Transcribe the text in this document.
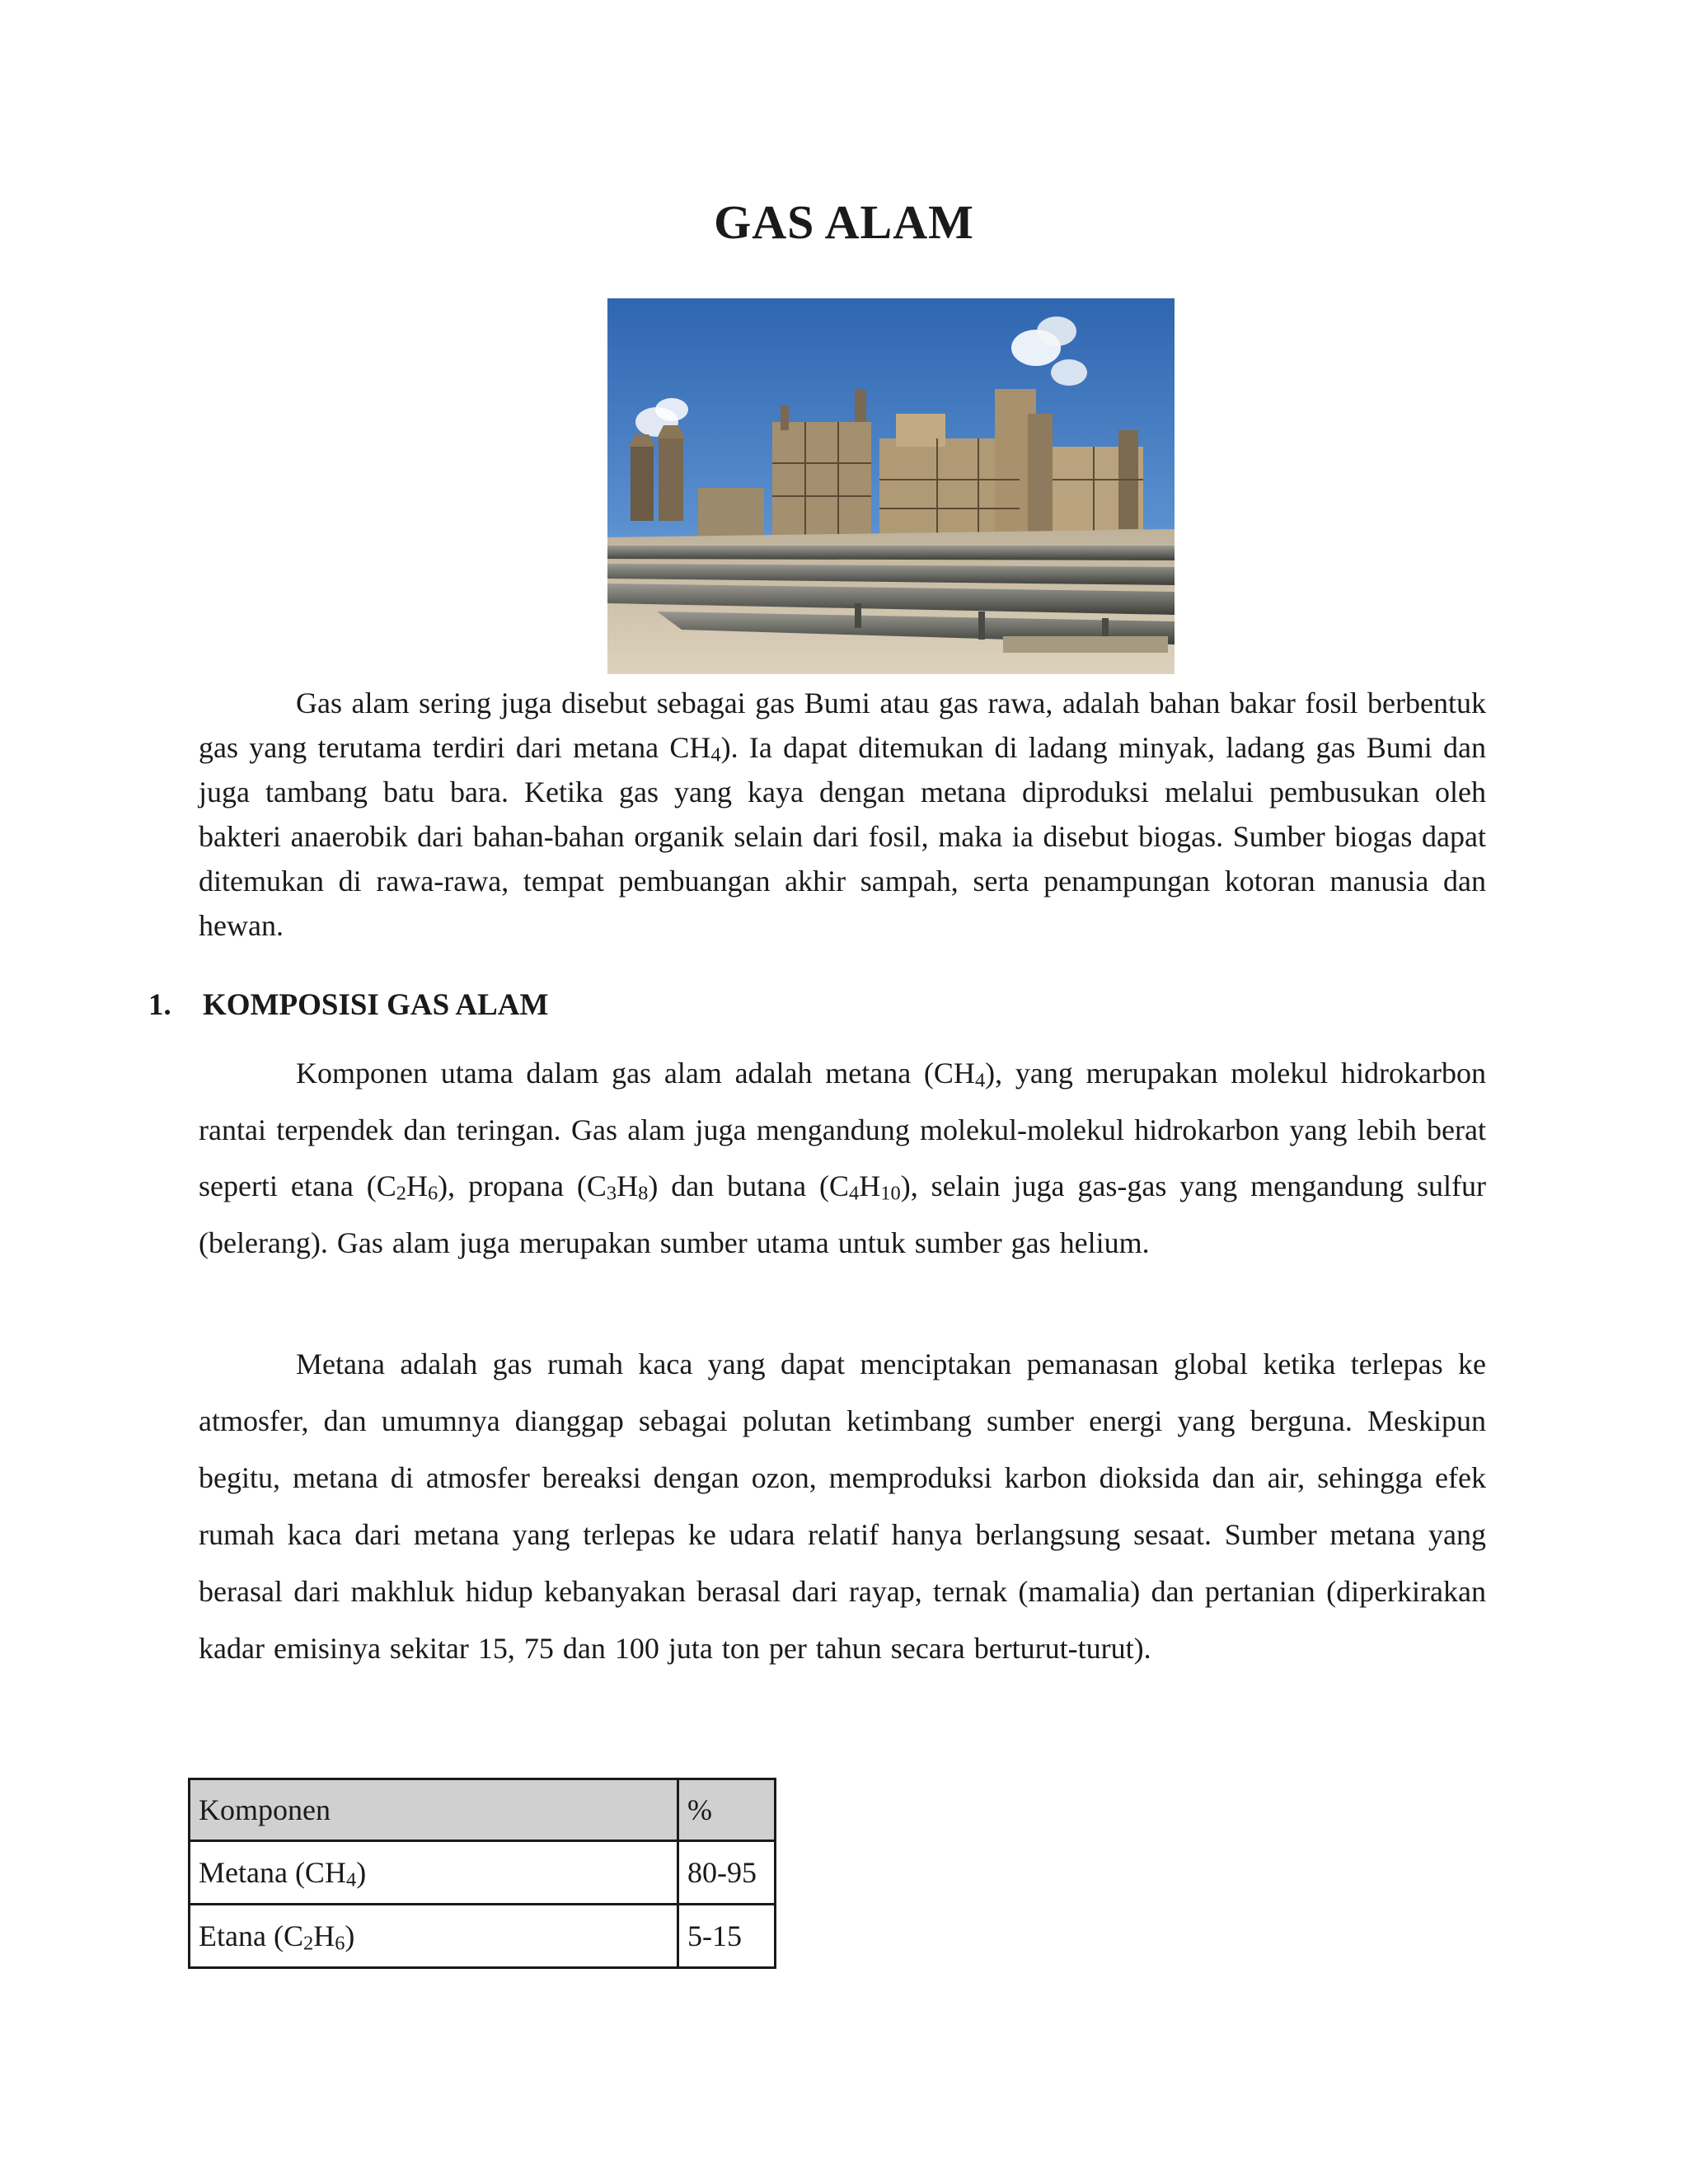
GAS ALAM

Gas alam sering juga disebut sebagai gas Bumi atau gas rawa, adalah bahan bakar fosil berbentuk gas yang terutama terdiri dari metana $CH_4$). Ia dapat ditemukan di ladang minyak, ladang gas Bumi dan juga tambang batu bara. Ketika gas yang kaya dengan metana diproduksi melalui pembusukan oleh bakteri anaerobik dari bahan-bahan organik selain dari fosil, maka ia disebut biogas. Sumber biogas dapat ditemukan di rawa-rawa, tempat pembuangan akhir sampah, serta penampungan kotoran manusia dan hewan.

1. KOMPOSISI GAS ALAM

Komponen utama dalam gas alam adalah metana $(CH_4)$, yang merupakan molekul hidrokarbon rantai terpendek dan teringan. Gas alam juga mengandung molekul-molekul hidrokarbon yang lebih berat seperti etana $(C_2H_6)$, propana $(C_3H_8)$ dan butana $(C_4H_{10})$, selain juga gas-gas yang mengandung sulfur (belerang). Gas alam juga merupakan sumber utama untuk sumber gas helium.

Metana adalah gas rumah kaca yang dapat menciptakan pemanasan global ketika terlepas ke atmosfer, dan umumnya dianggap sebagai polutan ketimbang sumber energi yang berguna. Meskipun begitu, metana di atmosfer bereaksi dengan ozon, memproduksi karbon dioksida dan air, sehingga efek rumah kaca dari metana yang terlepas ke udara relatif hanya berlangsung sesaat. Sumber metana yang berasal dari makhluk hidup kebanyakan berasal dari rayap, ternak (mamalia) dan pertanian (diperkirakan kadar emisinya sekitar 15, 75 dan 100 juta ton per tahun secara berturut-turut).

Komponen	%
Metana $(CH_4)$	80-95
Etana $(C_2H_6)$	5-15
